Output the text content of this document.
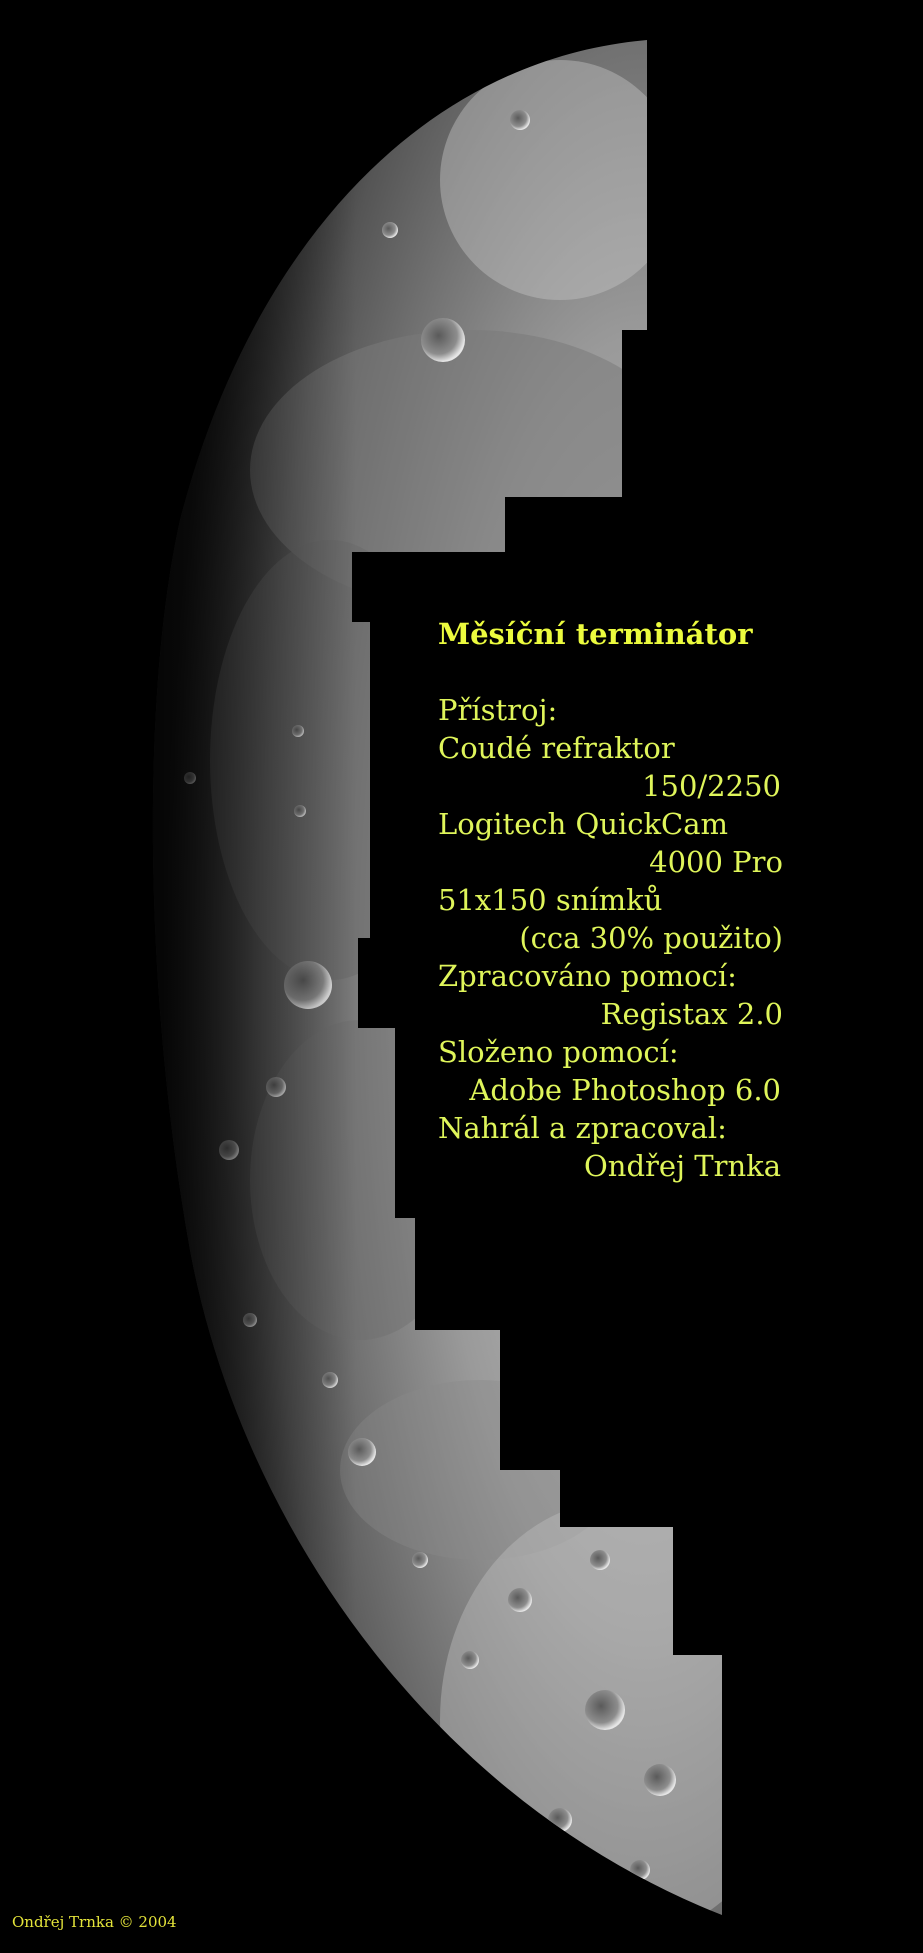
Měsíční terminátor
Přístroj:
Coudé refraktor
150/2250
Logitech QuickCam
4000 Pro
51x150 snímků
(cca 30% použito)
Zpracováno pomocí:
Registax 2.0
Složeno pomocí:
Adobe Photoshop 6.0
Nahrál a zpracoval:
Ondřej Trnka
Ondřej Trnka © 2004
